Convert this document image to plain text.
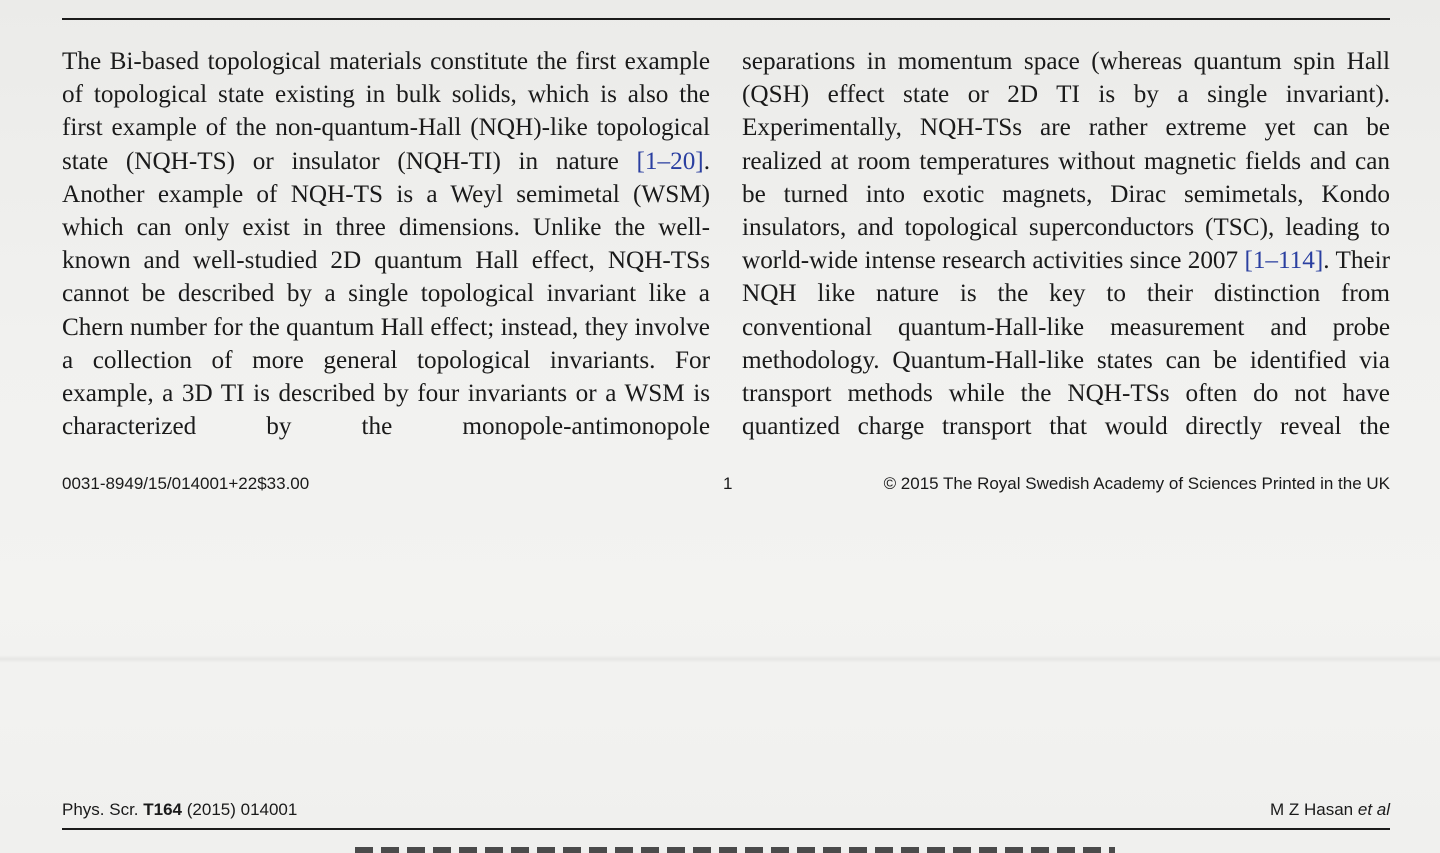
The Bi-based topological materials constitute the first example of topological state existing in bulk solids, which is also the first example of the non-quantum-Hall (NQH)-like topological state (NQH-TS) or insulator (NQH-TI) in nature [1–20]. Another example of NQH-TS is a Weyl semimetal (WSM) which can only exist in three dimensions. Unlike the well-known and well-studied 2D quantum Hall effect, NQH-TSs cannot be described by a single topological invariant like a Chern number for the quantum Hall effect; instead, they involve a collection of more general topological invariants. For example, a 3D TI is described by four invariants or a WSM is characterized by the monopole-antimonopole

separations in momentum space (whereas quantum spin Hall (QSH) effect state or 2D TI is by a single invariant). Experimentally, NQH-TSs are rather extreme yet can be realized at room temperatures without magnetic fields and can be turned into exotic magnets, Dirac semimetals, Kondo insulators, and topological superconductors (TSC), leading to world-wide intense research activities since 2007 [1–114]. Their NQH like nature is the key to their distinction from conventional quantum-Hall-like measurement and probe methodology. Quantum-Hall-like states can be identified via transport methods while the NQH-TSs often do not have quantized charge transport that would directly reveal the

0031-8949/15/014001+22$33.00	1	© 2015 The Royal Swedish Academy of Sciences Printed in the UK
Phys. Scr. T164 (2015) 014001	M Z Hasan et al
